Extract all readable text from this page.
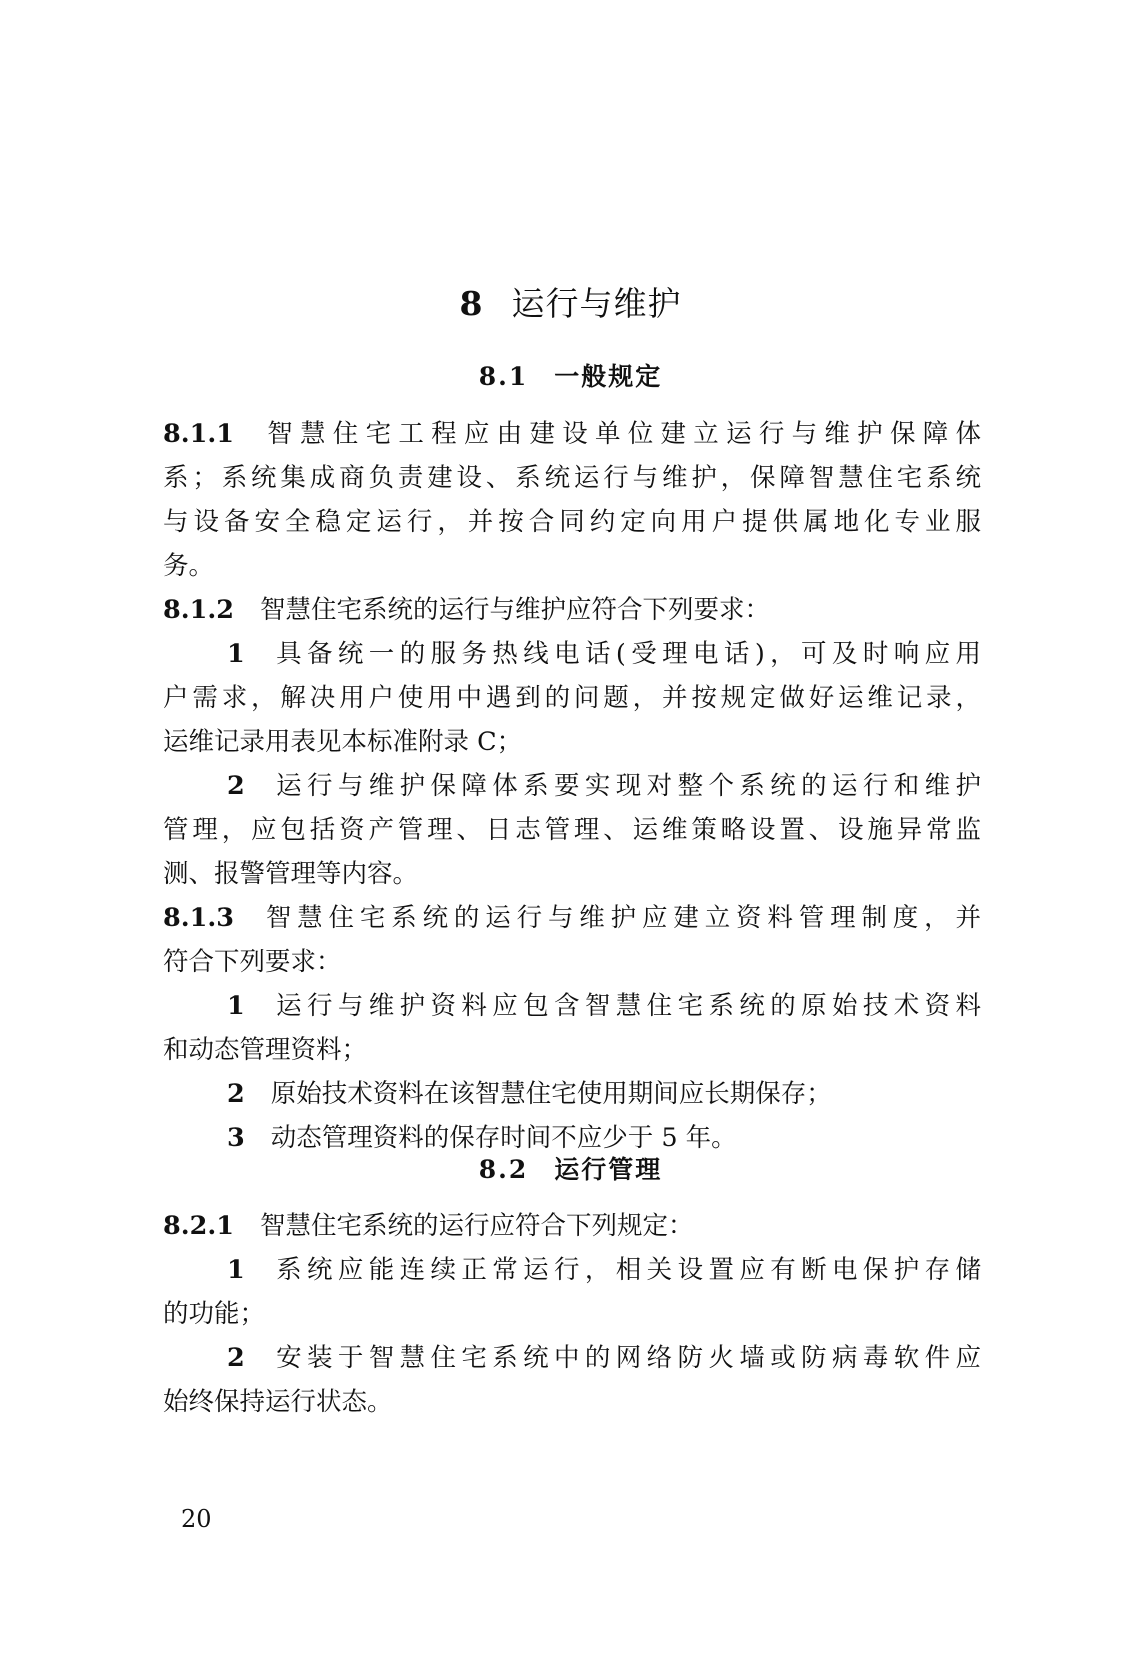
8 运行与维护
8.1 一般规定
8.1.1 智慧住宅工程应由建设单位建立运行与维护保障体
系；系统集成商负责建设、系统运行与维护，保障智慧住宅系统
与设备安全稳定运行，并按合同约定向用户提供属地化专业服
务。
8.1.2 智慧住宅系统的运行与维护应符合下列要求：
1 具备统一的服务热线电话(受理电话)，可及时响应用
户需求，解决用户使用中遇到的问题，并按规定做好运维记录，
运维记录用表见本标准附录 C；
2 运行与维护保障体系要实现对整个系统的运行和维护
管理，应包括资产管理、日志管理、运维策略设置、设施异常监
测、报警管理等内容。
8.1.3 智慧住宅系统的运行与维护应建立资料管理制度，并
符合下列要求：
1 运行与维护资料应包含智慧住宅系统的原始技术资料
和动态管理资料；
2 原始技术资料在该智慧住宅使用期间应长期保存；
3 动态管理资料的保存时间不应少于 5 年。
8.2 运行管理
8.2.1 智慧住宅系统的运行应符合下列规定：
1 系统应能连续正常运行，相关设置应有断电保护存储
的功能；
2 安装于智慧住宅系统中的网络防火墙或防病毒软件应
始终保持运行状态。
20
